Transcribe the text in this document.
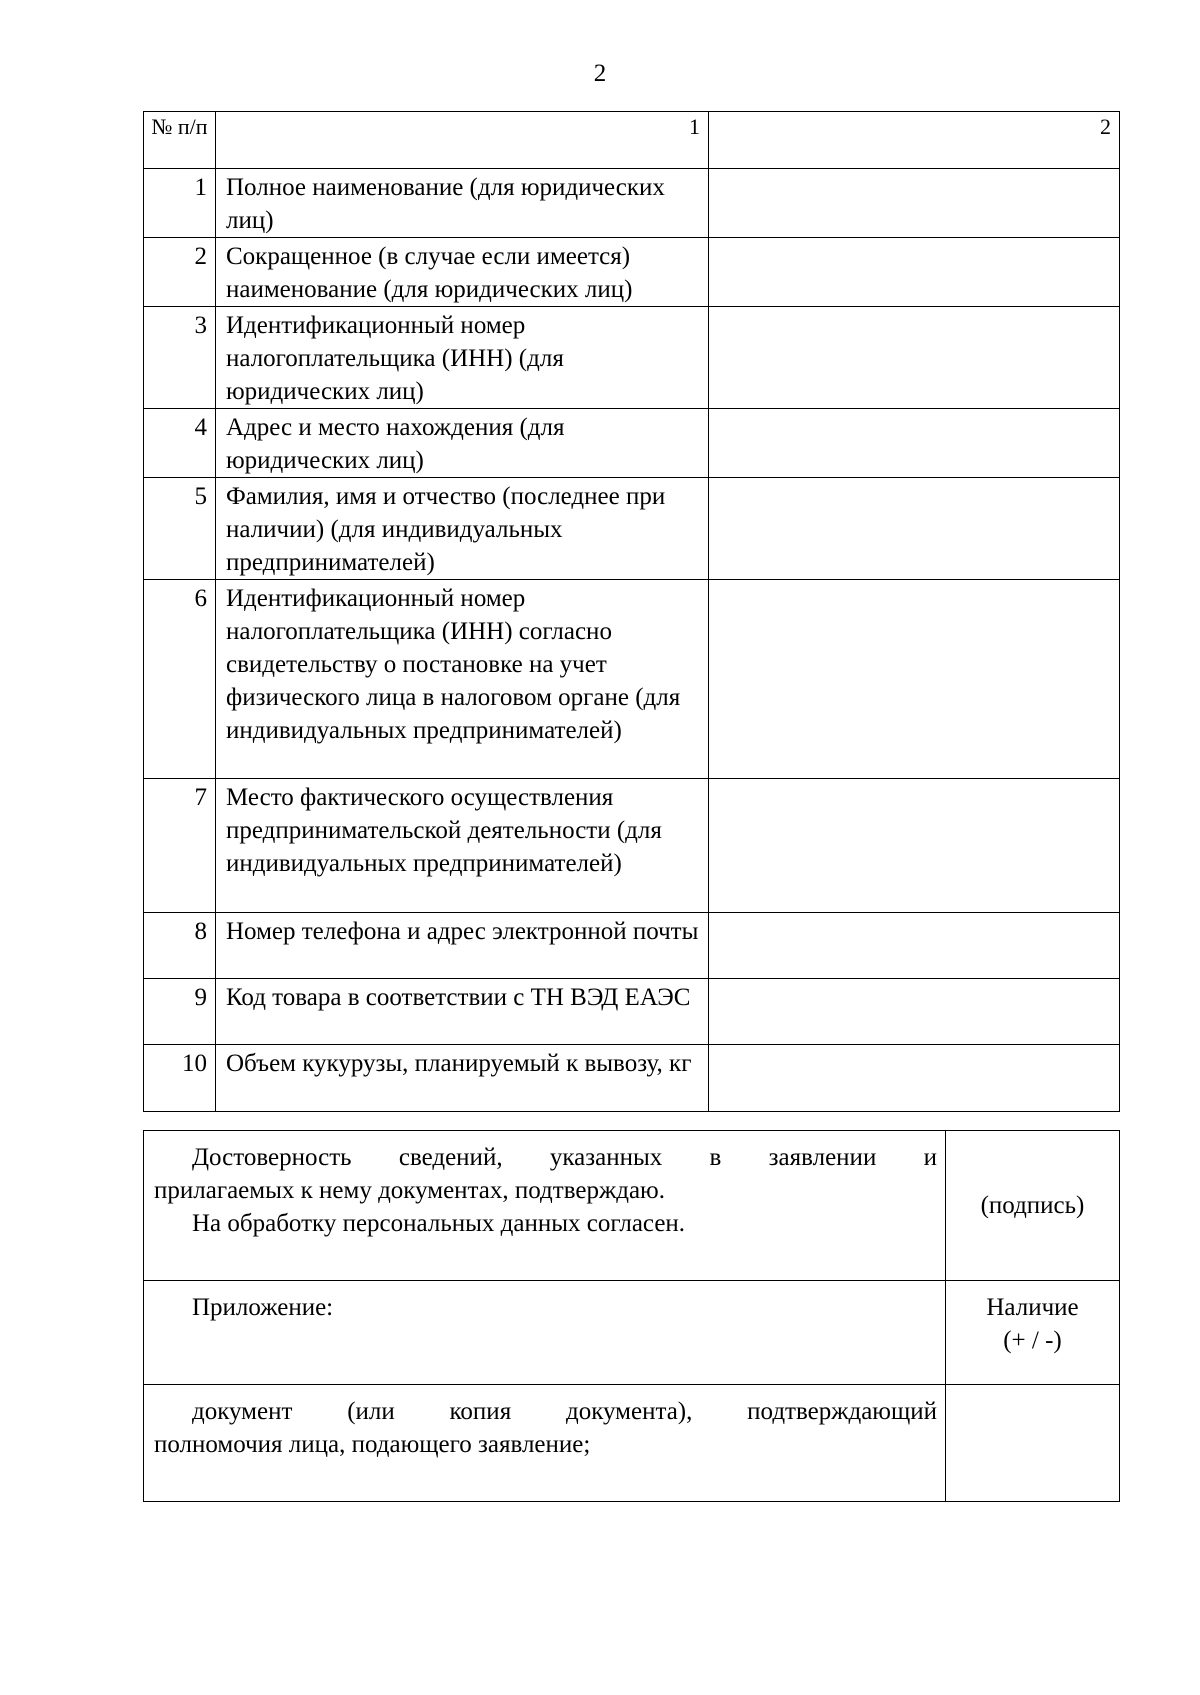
2
№ п/п	1	2
1	Полное наименование (для юридических лиц)	
2	Сокращенное (в случае если имеется) наименование (для юридических лиц)	
3	Идентификационный номер налогоплательщика (ИНН) (для юридических лиц)	
4	Адрес и место нахождения (для юридических лиц)	
5	Фамилия, имя и отчество (последнее при наличии) (для индивидуальных предпринимателей)	
6	Идентификационный номер налогоплательщика (ИНН) согласно свидетельству о постановке на учет физического лица в налоговом органе (для индивидуальных предпринимателей)	
7	Место фактического осуществления предпринимательской деятельности (для индивидуальных предпринимателей)	
8	Номер телефона и адрес электронной почты	
9	Код товара в соответствии с ТН ВЭД ЕАЭС	
10	Объем кукурузы, планируемый к вывозу, кг	
Достоверность сведений, указанных в заявлении и
прилагаемых к нему документах, подтверждаю.
На обработку персональных данных согласен.	(подпись)

Приложение:	Наличие
(+ / -)

документ (или копия документа), подтверждающий
полномочия лица, подающего заявление;	
